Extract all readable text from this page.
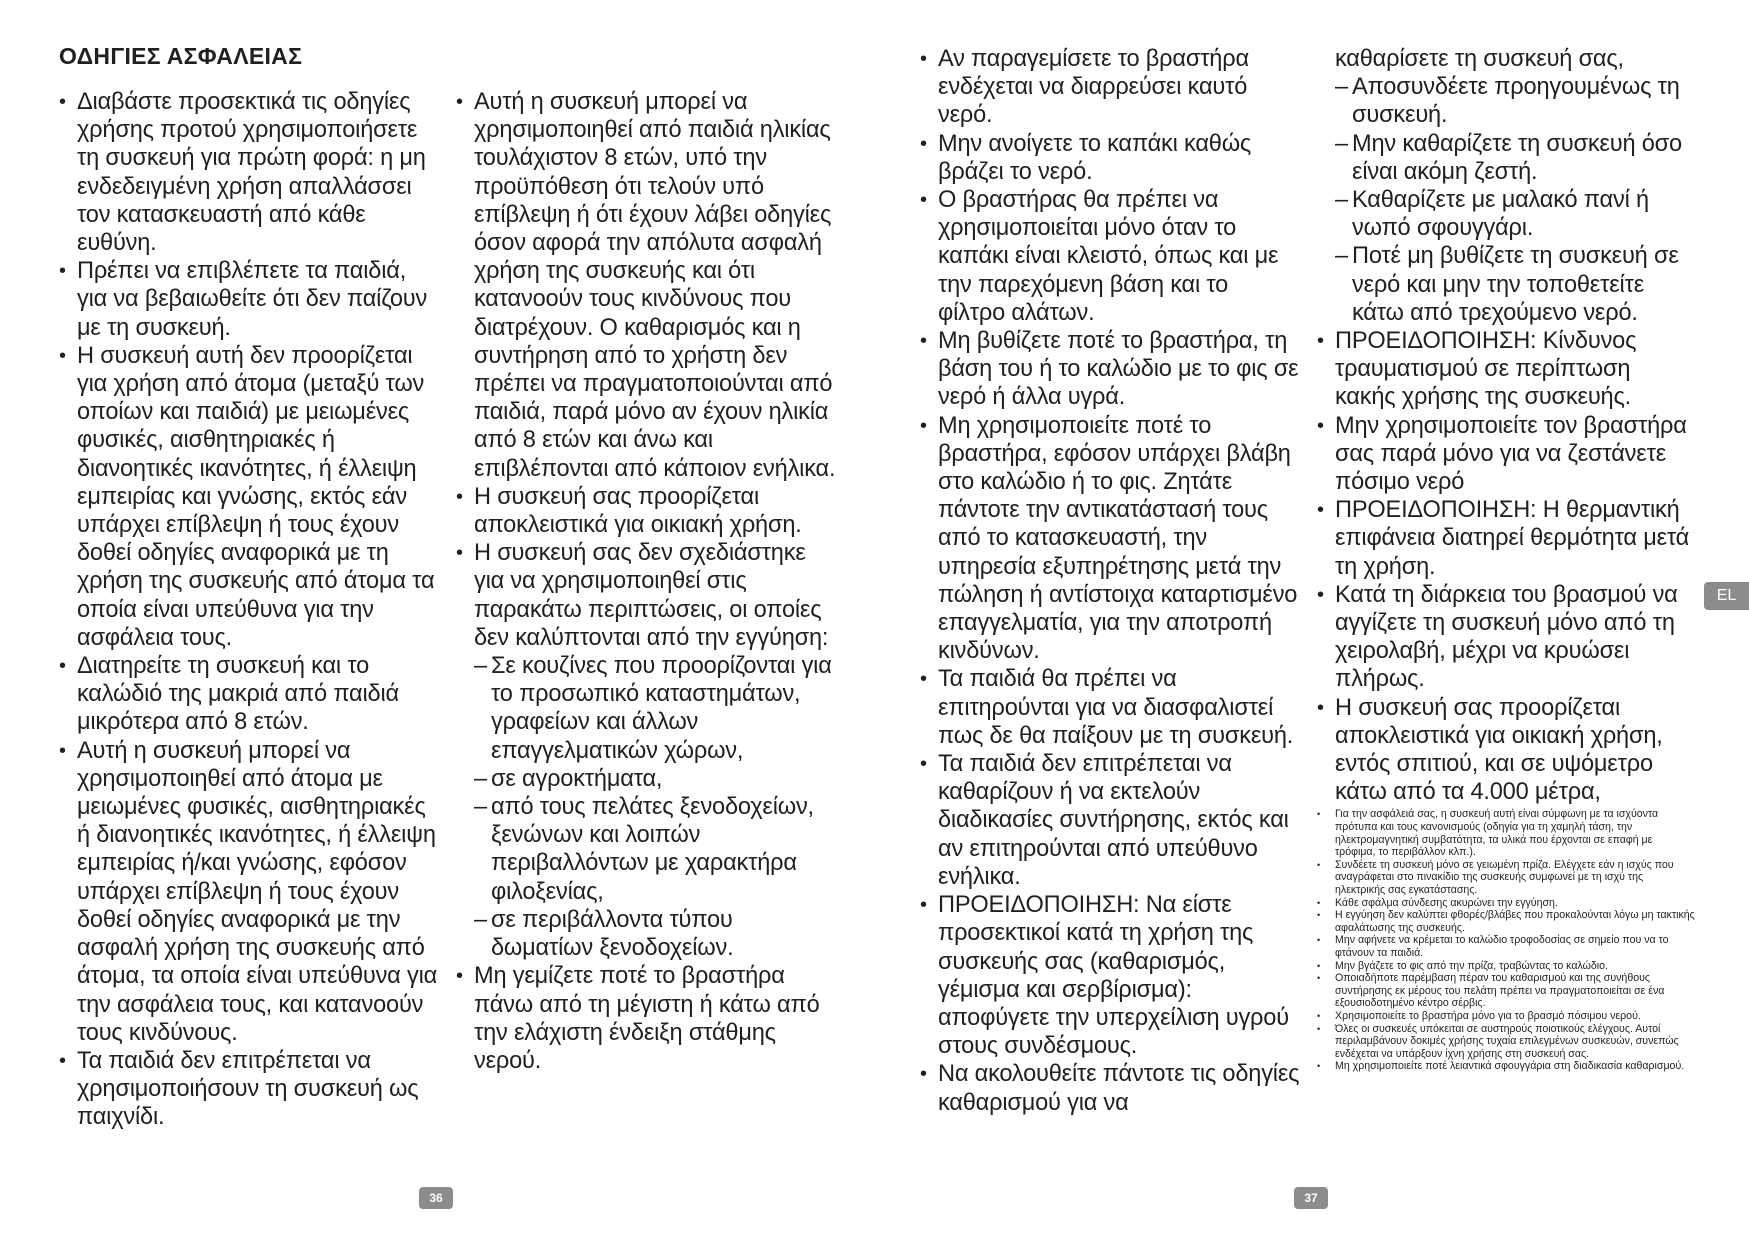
ΟΔΗΓΙΕΣ ΑΣΦΑΛΕΙΑΣ
• Διαβάστε προσεκτικά τις οδηγίες χρήσης προτού χρησιμοποιήσετε τη συσκευή για πρώτη φορά: η μη ενδεδειγμένη χρήση απαλλάσσει τον κατασκευαστή από κάθε ευθύνη.
• Πρέπει να επιβλέπετε τα παιδιά, για να βεβαιωθείτε ότι δεν παίζουν με τη συσκευή.
• Η συσκευή αυτή δεν προορίζεται για χρήση από άτομα (μεταξύ των οποίων και παιδιά) με μειωμένες φυσικές, αισθητηριακές ή διανοητικές ικανότητες, ή έλλειψη εμπειρίας και γνώσης, εκτός εάν υπάρχει επίβλεψη ή τους έχουν δοθεί οδηγίες αναφορικά με τη χρήση της συσκευής από άτομα τα οποία είναι υπεύθυνα για την ασφάλεια τους.
• Διατηρείτε τη συσκευή και το καλώδιό της μακριά από παιδιά μικρότερα από 8 ετών.
• Αυτή η συσκευή μπορεί να χρησιμοποιηθεί από άτομα με μειωμένες φυσικές, αισθητηριακές ή διανοητικές ικανότητες, ή έλλειψη εμπειρίας ή/και γνώσης, εφόσον υπάρχει επίβλεψη ή τους έχουν δοθεί οδηγίες αναφορικά με την ασφαλή χρήση της συσκευής από άτομα, τα οποία είναι υπεύθυνα για την ασφάλεια τους, και κατανοούν τους κινδύνους.
• Τα παιδιά δεν επιτρέπεται να χρησιμοποιήσουν τη συσκευή ως παιχνίδι.
• Αυτή η συσκευή μπορεί να χρησιμοποιηθεί από παιδιά ηλικίας τουλάχιστον 8 ετών, υπό την προϋπόθεση ότι τελούν υπό επίβλεψη ή ότι έχουν λάβει οδηγίες όσον αφορά την απόλυτα ασφαλή χρήση της συσκευής και ότι κατανοούν τους κινδύνους που διατρέχουν. Ο καθαρισμός και η συντήρηση από το χρήστη δεν πρέπει να πραγματοποιούνται από παιδιά, παρά μόνο αν έχουν ηλικία από 8 ετών και άνω και επιβλέπονται από κάποιον ενήλικα.
• Η συσκευή σας προορίζεται αποκλειστικά για οικιακή χρήση.
• Η συσκευή σας δεν σχεδιάστηκε για να χρησιμοποιηθεί στις παρακάτω περιπτώσεις, οι οποίες δεν καλύπτονται από την εγγύηση:
– Σε κουζίνες που προορίζονται για το προσωπικό καταστημάτων, γραφείων και άλλων επαγγελματικών χώρων,
– σε αγροκτήματα,
– από τους πελάτες ξενοδοχείων, ξενώνων και λοιπών περιβαλλόντων με χαρακτήρα φιλοξενίας,
– σε περιβάλλοντα τύπου δωματίων ξενοδοχείων.
• Μη γεμίζετε ποτέ το βραστήρα πάνω από τη μέγιστη ή κάτω από την ελάχιστη ένδειξη στάθμης νερού.
• Αν παραγεμίσετε το βραστήρα ενδέχεται να διαρρεύσει καυτό νερό.
• Μην ανοίγετε το καπάκι καθώς βράζει το νερό.
• Ο βραστήρας θα πρέπει να χρησιμοποιείται μόνο όταν το καπάκι είναι κλειστό, όπως και με την παρεχόμενη βάση και το φίλτρο αλάτων.
• Μη βυθίζετε ποτέ το βραστήρα, τη βάση του ή το καλώδιο με το φις σε νερό ή άλλα υγρά.
• Μη χρησιμοποιείτε ποτέ το βραστήρα, εφόσον υπάρχει βλάβη στο καλώδιο ή το φις. Ζητάτε πάντοτε την αντικατάστασή τους από το κατασκευαστή, την υπηρεσία εξυπηρέτησης μετά την πώληση ή αντίστοιχα καταρτισμένο επαγγελματία, για την αποτροπή κινδύνων.
• Τα παιδιά θα πρέπει να επιτηρούνται για να διασφαλιστεί πως δε θα παίξουν με τη συσκευή.
• Τα παιδιά δεν επιτρέπεται να καθαρίζουν ή να εκτελούν διαδικασίες συντήρησης, εκτός και αν επιτηρούνται από υπεύθυνο ενήλικα.
• ΠΡΟΕΙΔΟΠΟΙΗΣΗ: Να είστε προσεκτικοί κατά τη χρήση της συσκευής σας (καθαρισμός, γέμισμα και σερβίρισμα): αποφύγετε την υπερχείλιση υγρού στους συνδέσμους.
• Να ακολουθείτε πάντοτε τις οδηγίες καθαρισμού για να
καθαρίσετε τη συσκευή σας,
– Αποσυνδέετε προηγουμένως τη συσκευή.
– Μην καθαρίζετε τη συσκευή όσο είναι ακόμη ζεστή.
– Καθαρίζετε με μαλακό πανί ή νωπό σφουγγάρι.
– Ποτέ μη βυθίζετε τη συσκευή σε νερό και μην την τοποθετείτε κάτω από τρεχούμενο νερό.
• ΠΡΟΕΙΔΟΠΟΙΗΣΗ: Κίνδυνος τραυματισμού σε περίπτωση κακής χρήσης της συσκευής.
• Μην χρησιμοποιείτε τον βραστήρα σας παρά μόνο για να ζεστάνετε πόσιμο νερό
• ΠΡΟΕΙΔΟΠΟΙΗΣΗ: Η θερμαντική επιφάνεια διατηρεί θερμότητα μετά τη χρήση.
• Κατά τη διάρκεια του βρασμού να αγγίζετε τη συσκευή μόνο από τη χειρολαβή, μέχρι να κρυώσει πλήρως.
• Η συσκευή σας προορίζεται αποκλειστικά για οικιακή χρήση, εντός σπιτιού, και σε υψόμετρο κάτω από τα 4.000 μέτρα,
• Για την ασφάλειά σας, η συσκευή αυτή είναι σύμφωνη με τα ισχύοντα πρότυπα και τους κανονισμούς (οδηγία για τη χαμηλή τάση, την ηλεκτρομαγνητική συμβατότητα, τα υλικά που έρχονται σε επαφή με τρόφιμα, το περιβάλλον κλπ.).
• Συνδέετε τη συσκευή μόνο σε γειωμένη πρίζα. Ελέγχετε εάν η ισχύς που αναγράφεται στο πινακίδιο της συσκευής συμφωνεί με τη ισχύ της ηλεκτρικής σας εγκατάστασης.
• Κάθε σφάλμα σύνδεσης ακυρώνει την εγγύηση.
• Η εγγύηση δεν καλύπτει φθορές/βλάβες που προκαλούνται λόγω μη τακτικής αφαλάτωσης της συσκευής.
• Μην αφήνετε να κρέμεται το καλώδιο τροφοδοσίας σε σημείο που να το φτάνουν τα παιδιά.
• Μην βγάζετε το φις από την πρίζα, τραβώντας το καλώδιο.
• Οποιαδήποτε παρέμβαση πέραν του καθαρισμού και της συνήθους συντήρησης εκ μέρους του πελάτη πρέπει να πραγματοποιείται σε ένα εξουσιοδοτημένο κέντρο σέρβις.
• Χρησιμοποιείτε το βραστήρα μόνο για το βρασμό πόσιμου νερού.
• Όλες οι συσκευές υπόκειται σε αυστηρούς ποιοτικούς ελέγχους. Αυτοί περιλαμβάνουν δοκιμές χρήσης τυχαία επιλεγμένων συσκευών, συνεπώς ενδέχεται να υπάρξουν ίχνη χρήσης στη συσκευή σας.
• Μη χρησιμοποιείτε ποτέ λειαντικά σφουγγάρια στη διαδικασία καθαρισμού.
36	37
EL
